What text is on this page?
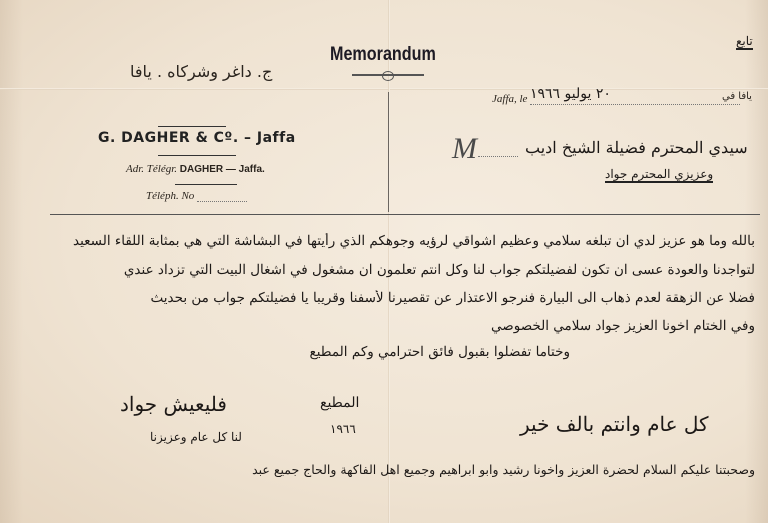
تابع
Memorandum
ج. داغر وشركاه . يافا
G. DAGHER & Cº. – Jaffa
Adr. Télégr. DAGHER — Jaffa.
Téléph. No
Jaffa, le ٢٠ يوليو ١٩٦٦	يافا في
M	سيدي المحترم فضيلة الشيخ اديب
وعزيزي المحترم جواد
بالله وما هو عزيز لدي ان تبلغه سلامي وعظيم اشواقي لرؤيه وجوهكم الذي رأيتها في البشاشة التي هي بمثابة اللقاء السعيد
لتواجدنا والعودة عسى ان تكون لفضيلتكم جواب لنا وكل انتم تعلمون ان مشغول في اشغال البيت التي تزداد عندي
فضلا عن الزهقة لعدم ذهاب الى البيارة فنرجو الاعتذار عن تقصيرنا لأسفنا وقريبا يا فضيلتكم جواب من بحديث
وفي الختام اخونا العزيز جواد سلامي الخصوصي
وختاما تفضلوا بقبول فائق احترامي وكم المطيع
فليعيش جواد
لنا كل عام وعزيزنا
المطيع
١٩٦٦	كل عام وانتم بالف خير
وصحبتنا عليكم السلام لحضرة العزيز واخونا رشيد وابو ابراهيم وجميع اهل الفاكهة والحاج جميع عبد
